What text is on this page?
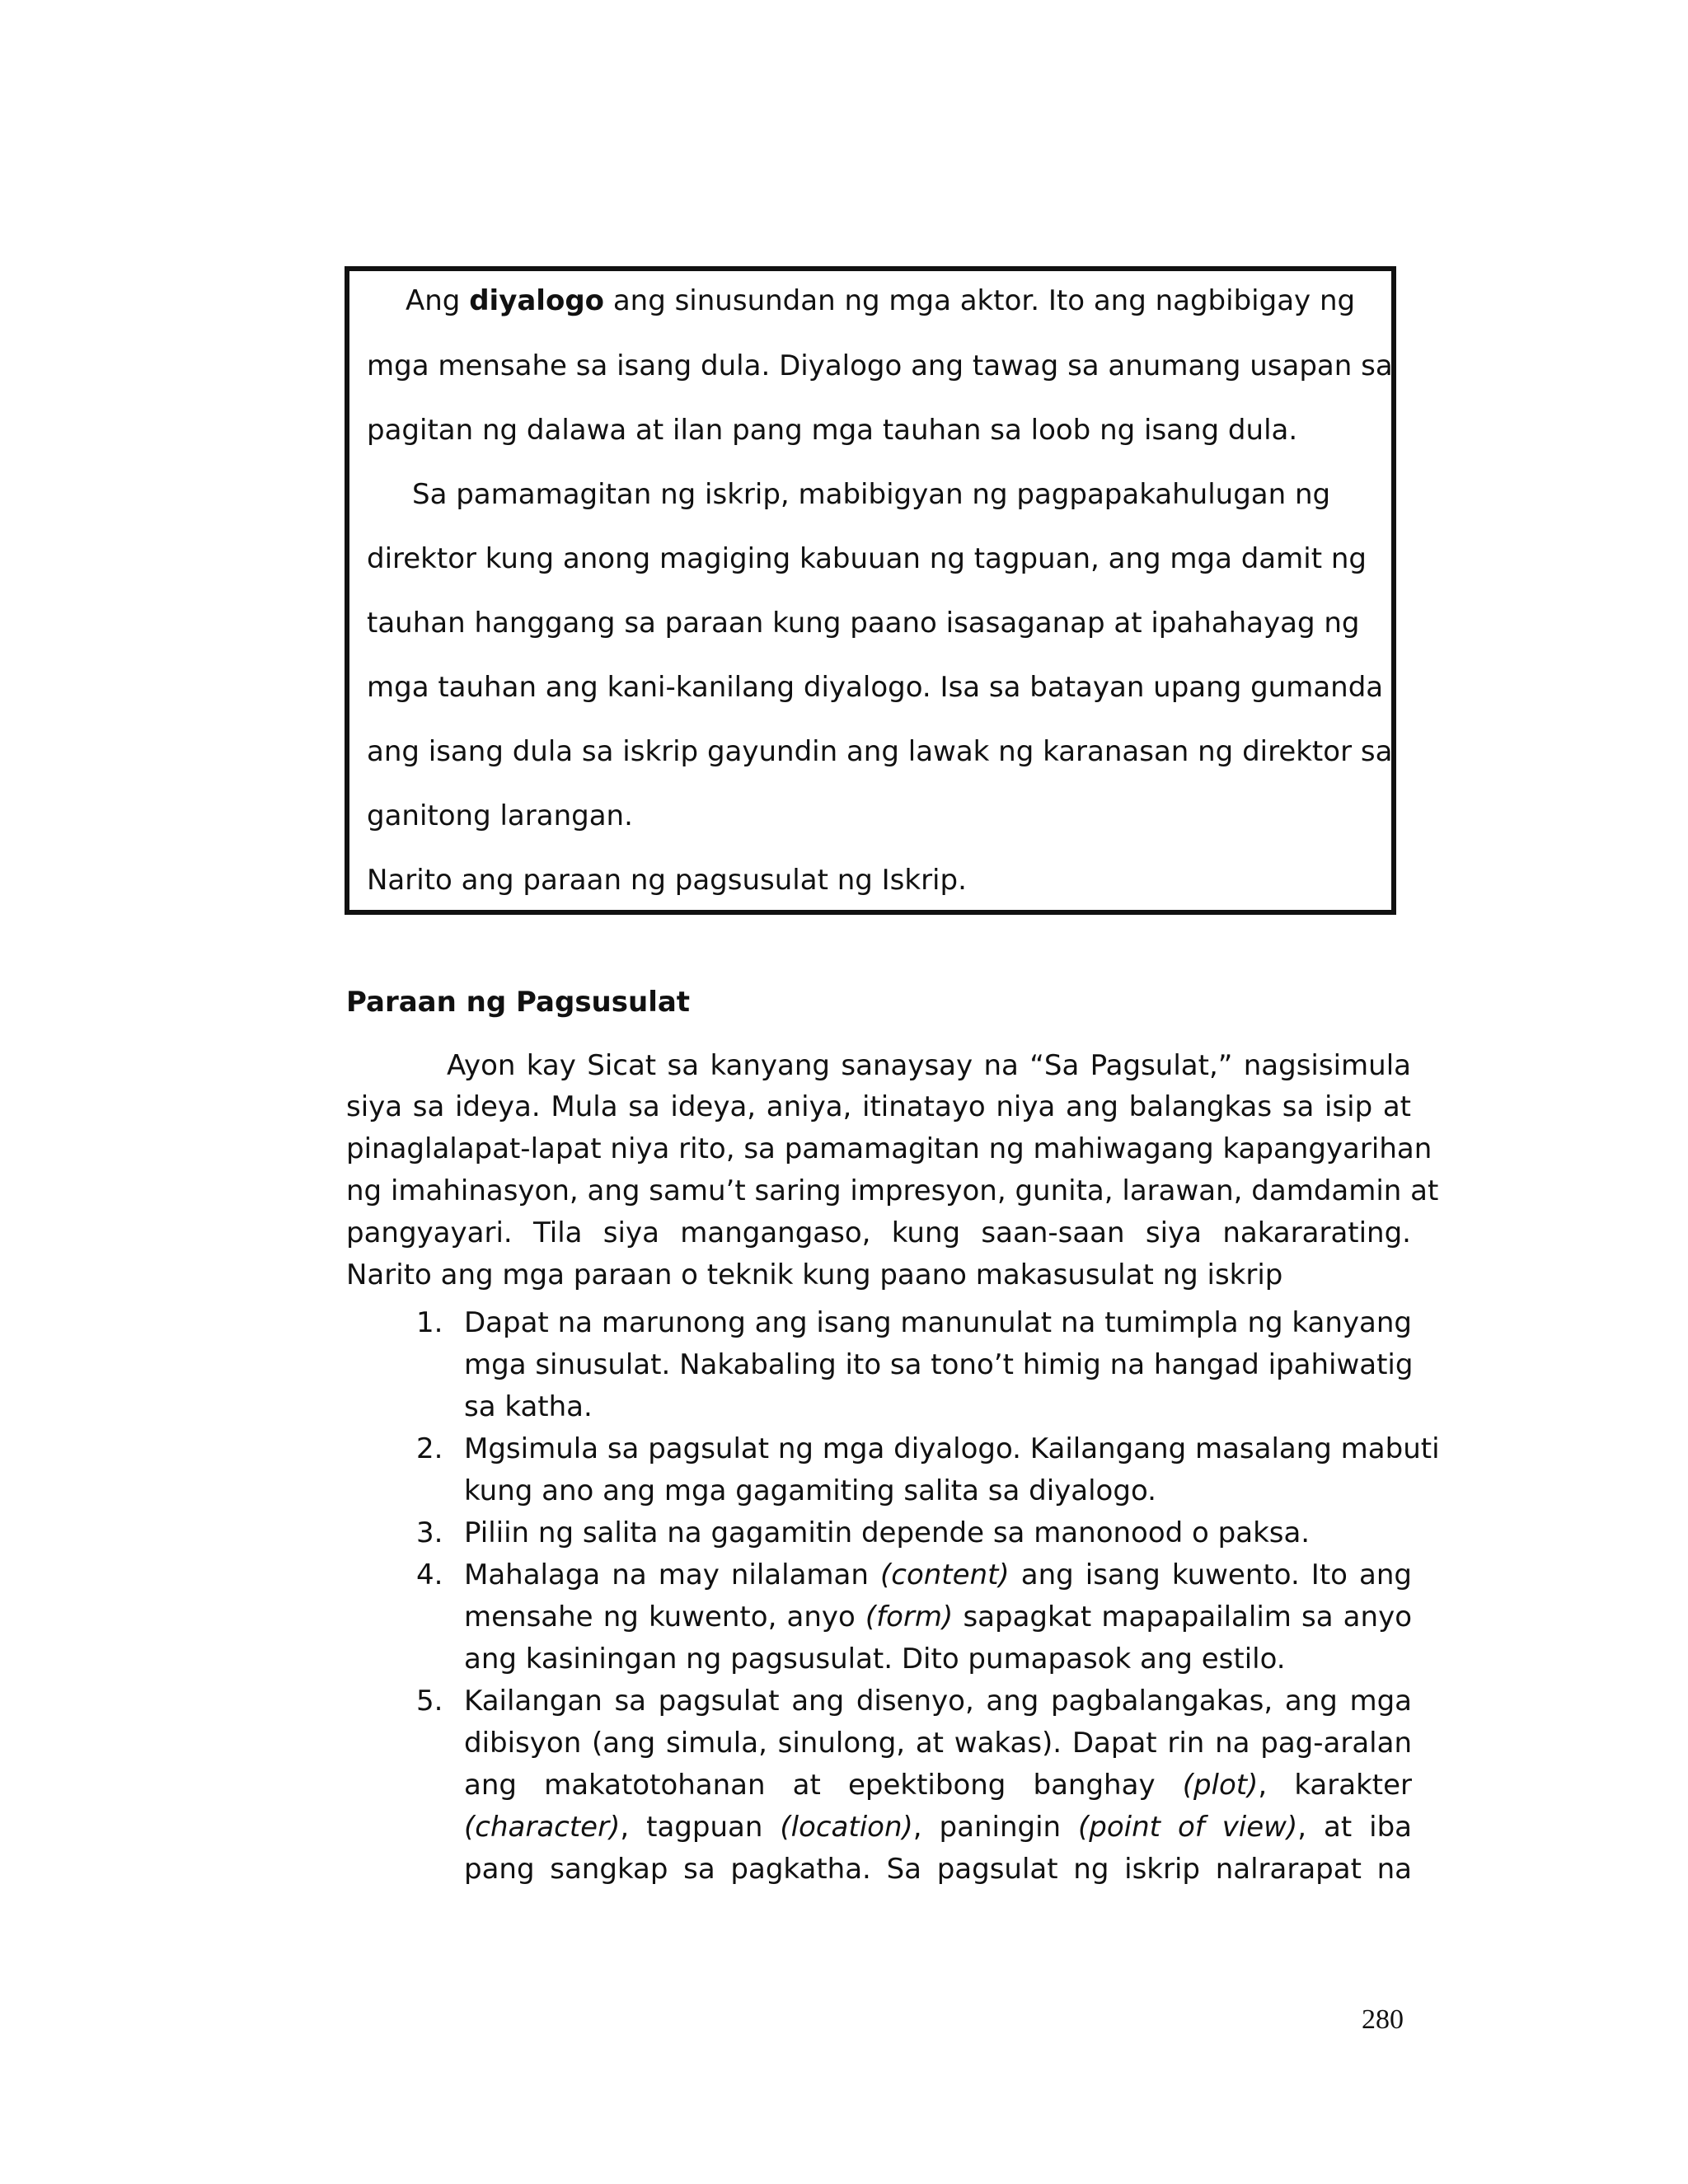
Ang diyalogo ang sinusundan ng mga aktor. Ito ang nagbibigay ng
mga mensahe sa isang dula. Diyalogo ang tawag sa anumang usapan sa
pagitan ng dalawa at ilan pang mga tauhan sa loob ng isang dula.
Sa pamamagitan ng iskrip, mabibigyan ng pagpapakahulugan ng
direktor kung anong magiging kabuuan ng tagpuan, ang mga damit ng
tauhan hanggang sa paraan kung paano isasaganap at ipahahayag ng
mga tauhan ang kani-kanilang diyalogo. Isa sa batayan upang gumanda
ang isang dula sa iskrip gayundin ang lawak ng karanasan ng direktor sa
ganitong larangan.
Narito ang paraan ng pagsusulat ng Iskrip.
Paraan ng Pagsusulat
Ayon kay Sicat sa kanyang sanaysay na “Sa Pagsulat,” nagsisimula
siya sa ideya. Mula sa ideya, aniya, itinatayo niya ang balangkas sa isip at
pinaglalapat-lapat niya rito, sa pamamagitan ng mahiwagang kapangyarihan
ng imahinasyon, ang samu’t saring impresyon, gunita, larawan, damdamin at
pangyayari. Tila siya mangangaso, kung saan-saan siya nakararating.
Narito ang mga paraan o teknik kung paano makasusulat ng iskrip
1. Dapat na marunong ang isang manunulat na tumimpla ng kanyang
mga sinusulat. Nakabaling ito sa tono’t himig na hangad ipahiwatig
sa katha.
2. Mgsimula sa pagsulat ng mga diyalogo. Kailangang masalang mabuti
kung ano ang mga gagamiting salita sa diyalogo.
3. Piliin ng salita na gagamitin depende sa manonood o paksa.
4. Mahalaga na may nilalaman (content) ang isang kuwento. Ito ang
mensahe ng kuwento, anyo (form) sapagkat mapapailalim sa anyo
ang kasiningan ng pagsusulat. Dito pumapasok ang estilo.
5. Kailangan sa pagsulat ang disenyo, ang pagbalangakas, ang mga
dibisyon (ang simula, sinulong, at wakas). Dapat rin na pag-aralan
ang makatotohanan at epektibong banghay (plot), karakter
(character), tagpuan (location), paningin (point of view), at iba
pang sangkap sa pagkatha. Sa pagsulat ng iskrip nalrarapat na
280
